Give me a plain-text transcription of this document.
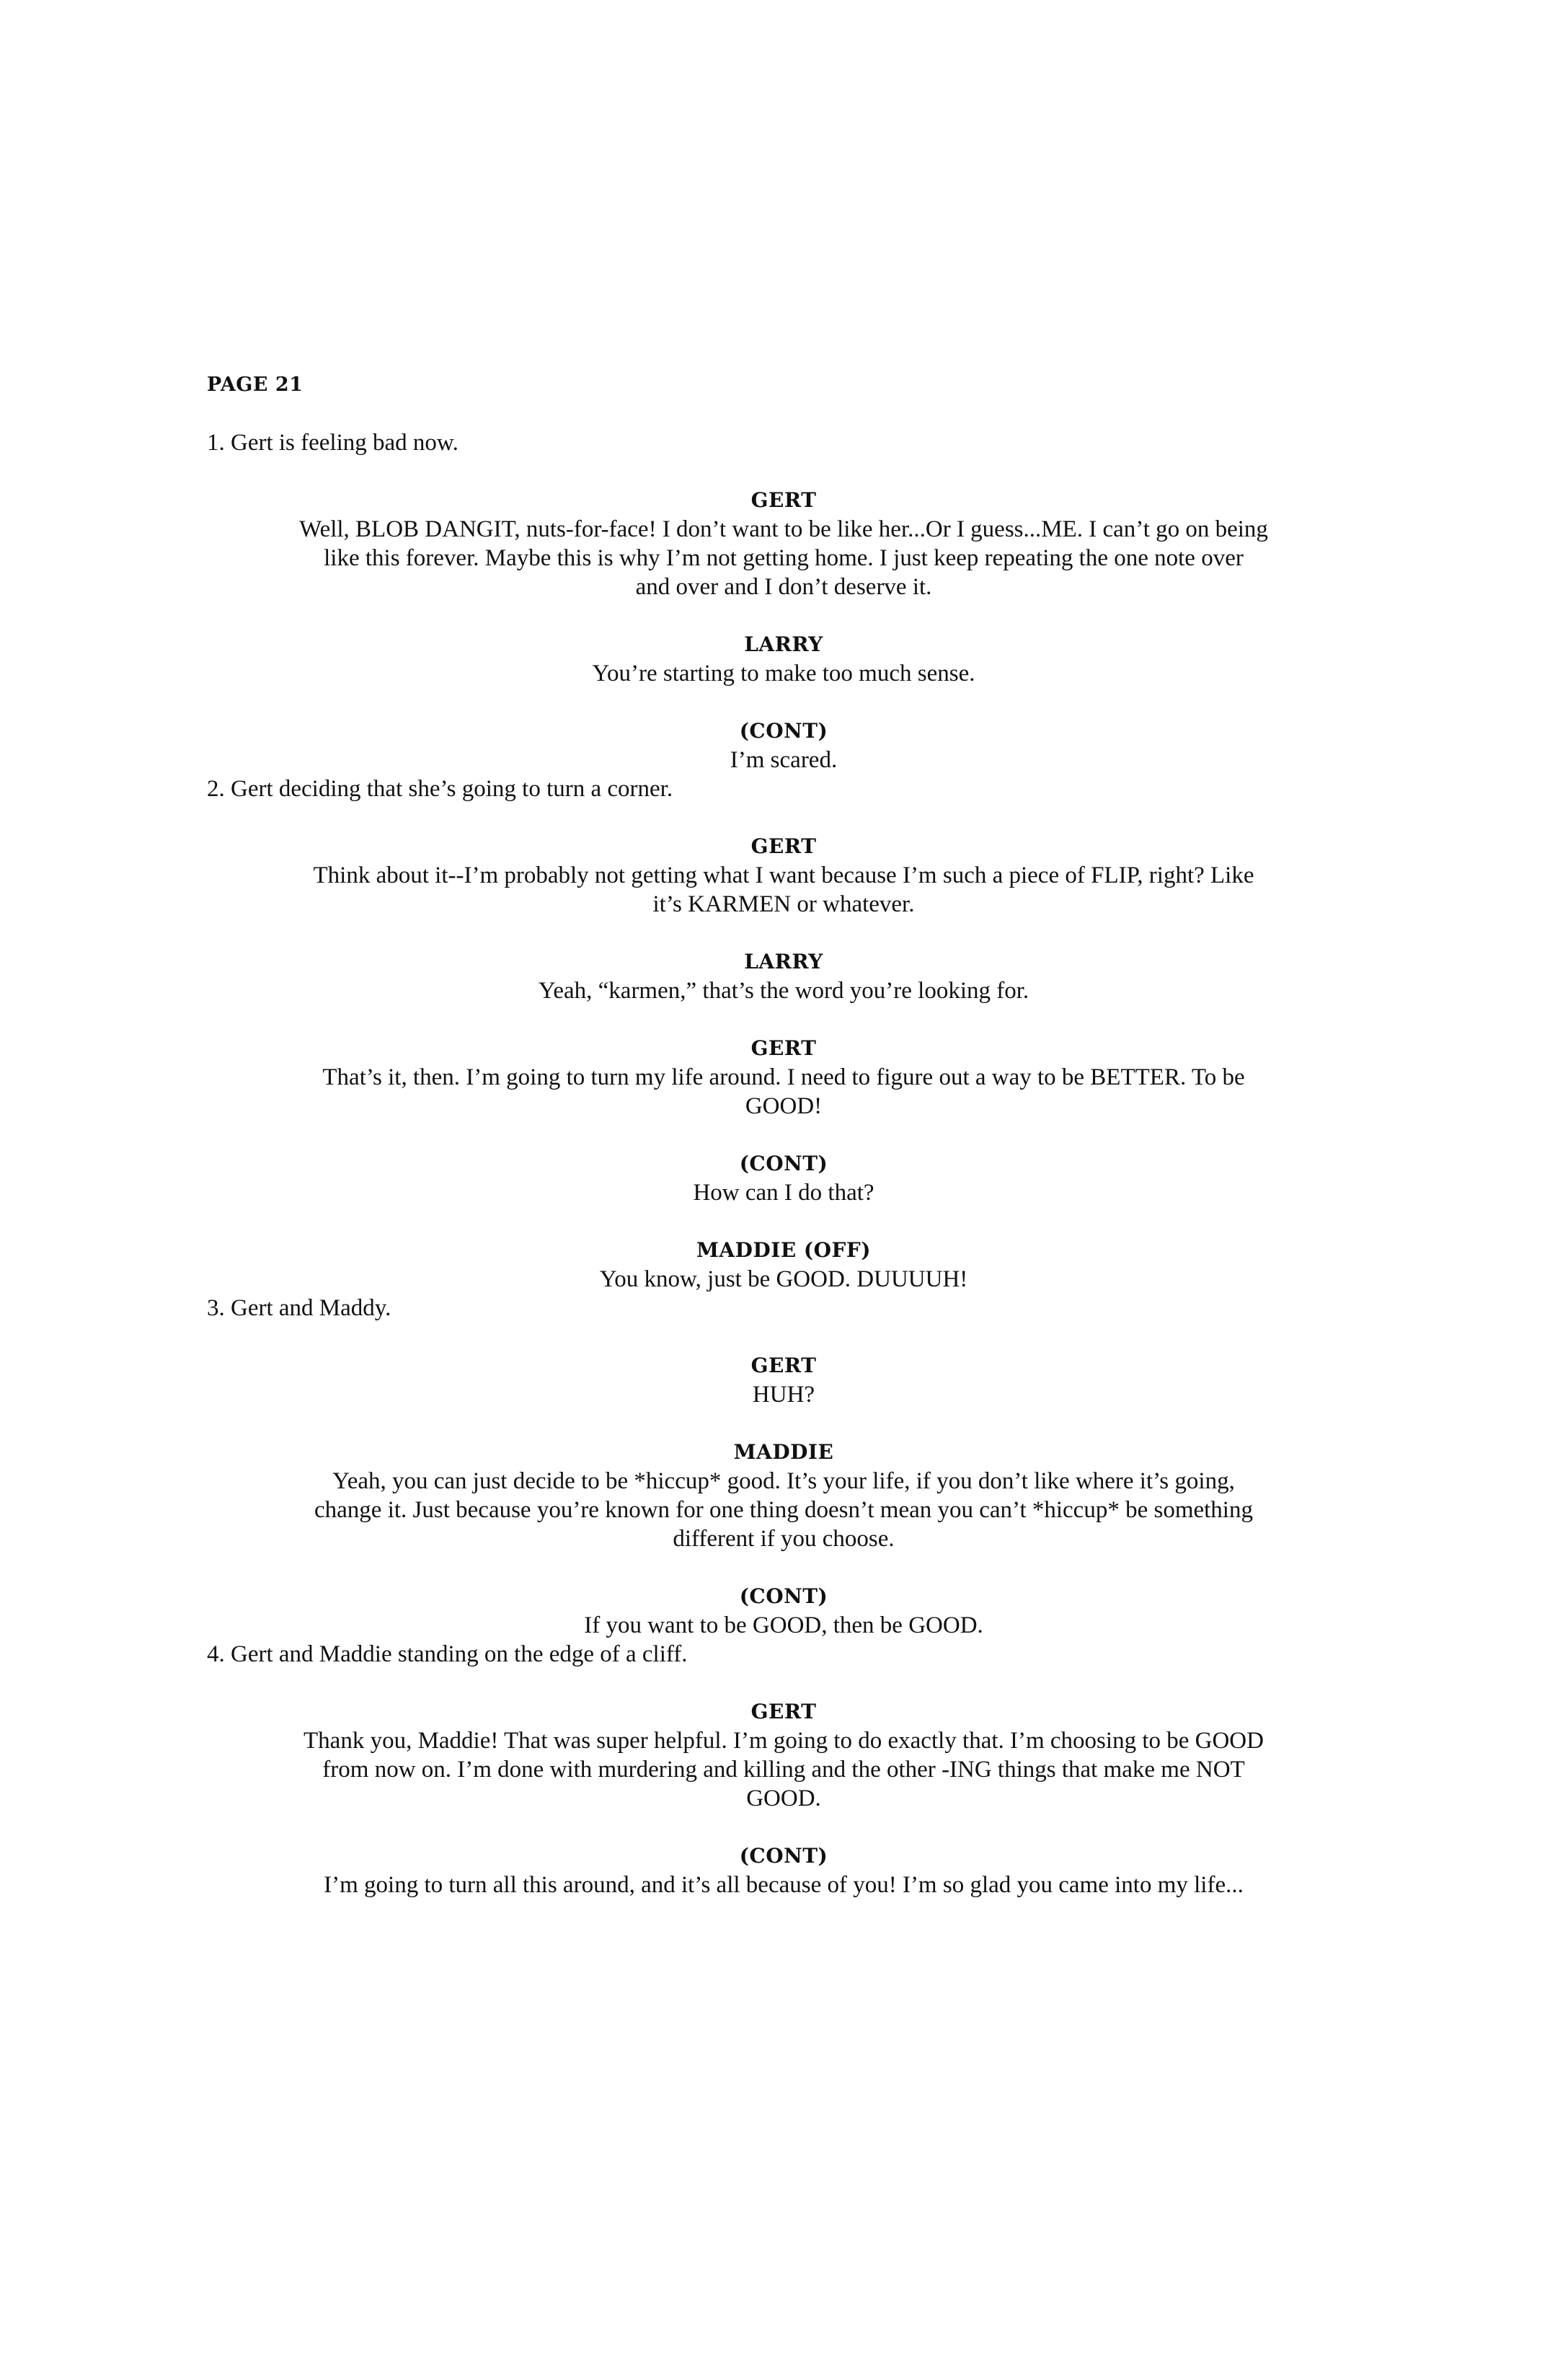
PAGE 21
1. Gert is feeling bad now.
GERT
Well, BLOB DANGIT, nuts-for-face! I don’t want to be like her...Or I guess...ME. I can’t go on being
like this forever. Maybe this is why I’m not getting home. I just keep repeating the one note over
and over and I don’t deserve it.
LARRY
You’re starting to make too much sense.
(CONT)
I’m scared.
2. Gert deciding that she’s going to turn a corner.
GERT
Think about it--I’m probably not getting what I want because I’m such a piece of FLIP, right? Like
it’s KARMEN or whatever.
LARRY
Yeah, “karmen,” that’s the word you’re looking for.
GERT
That’s it, then. I’m going to turn my life around. I need to figure out a way to be BETTER. To be
GOOD!
(CONT)
How can I do that?
MADDIE (OFF)
You know, just be GOOD. DUUUUH!
3. Gert and Maddy.
GERT
HUH?
MADDIE
Yeah, you can just decide to be *hiccup* good. It’s your life, if you don’t like where it’s going,
change it. Just because you’re known for one thing doesn’t mean you can’t *hiccup* be something
different if you choose.
(CONT)
If you want to be GOOD, then be GOOD.
4. Gert and Maddie standing on the edge of a cliff.
GERT
Thank you, Maddie! That was super helpful. I’m going to do exactly that. I’m choosing to be GOOD
from now on. I’m done with murdering and killing and the other -ING things that make me NOT
GOOD.
(CONT)
I’m going to turn all this around, and it’s all because of you! I’m so glad you came into my life...
